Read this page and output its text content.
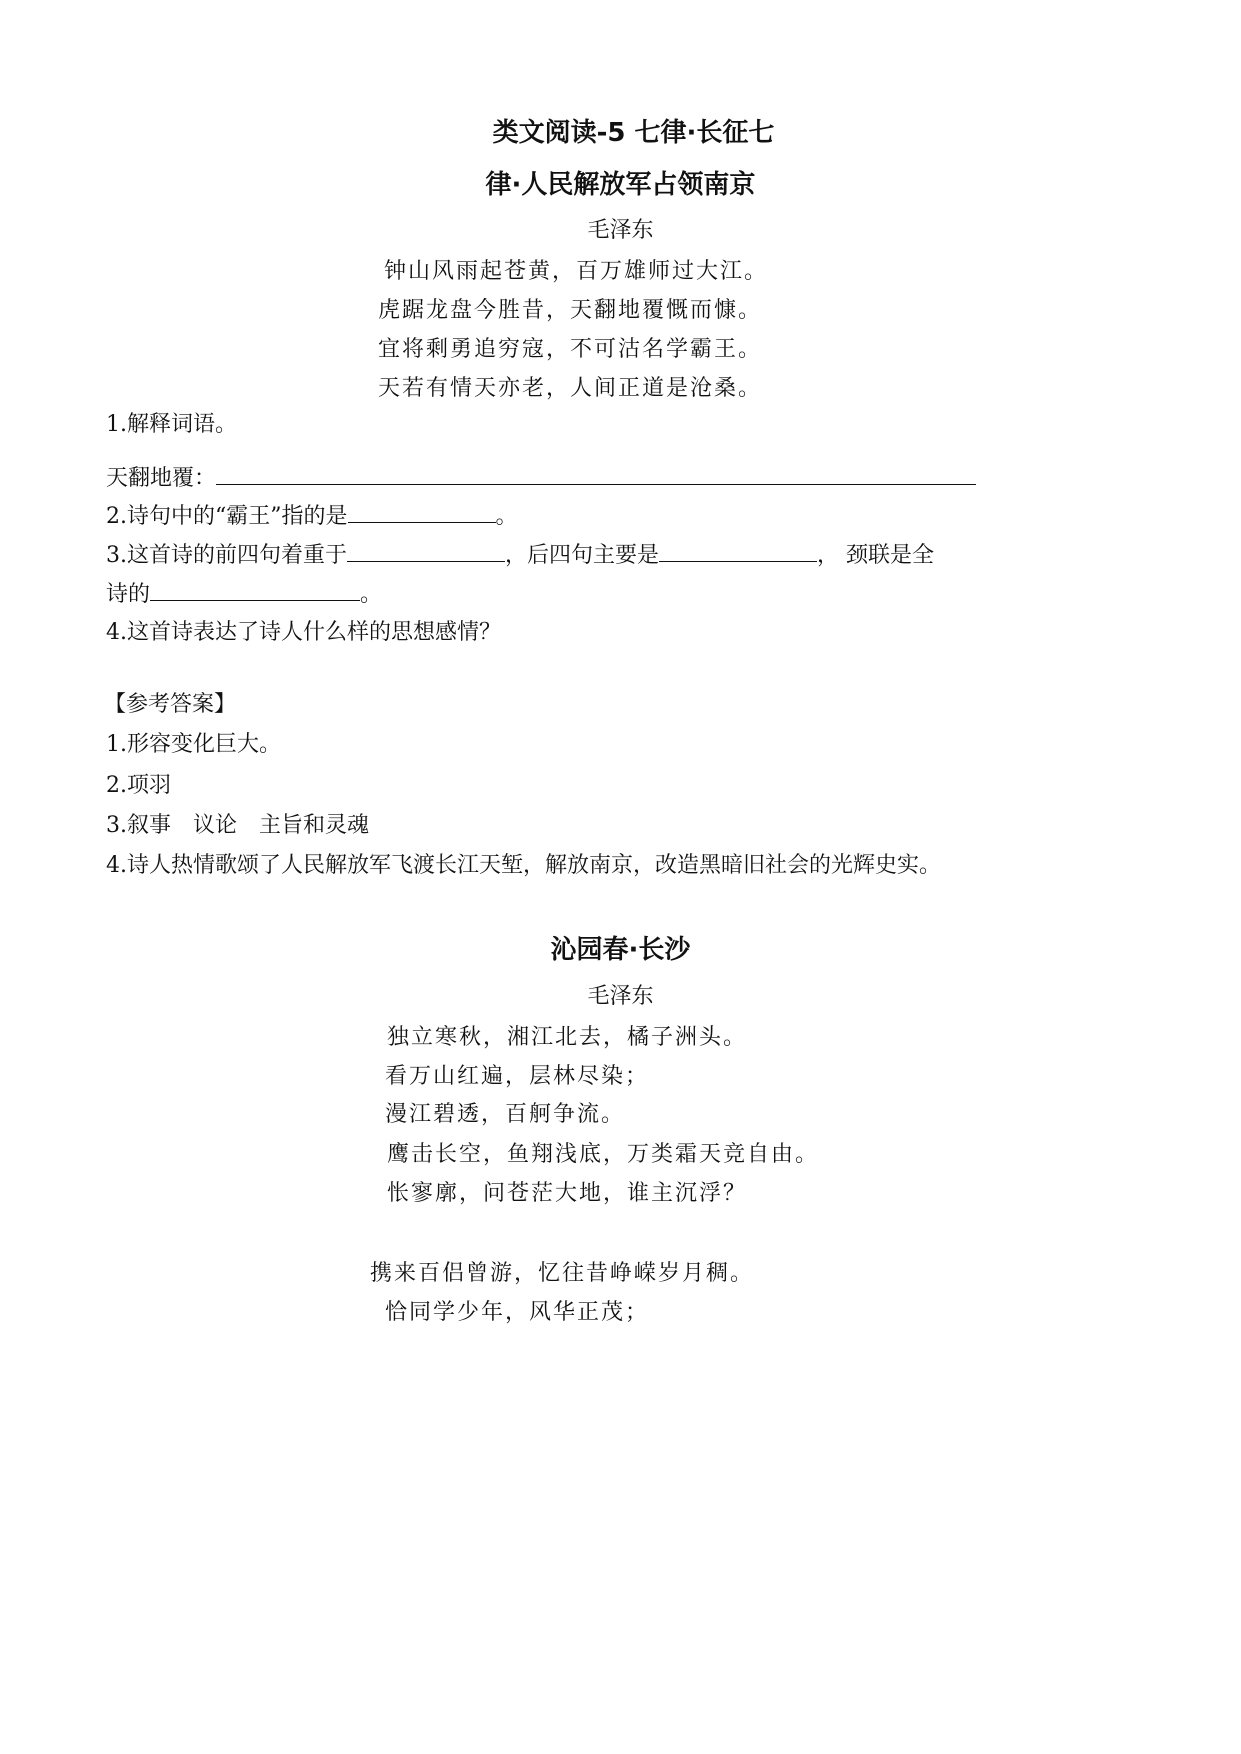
类文阅读-5 七律·长征七
律·人民解放军占领南京
毛泽东
钟山风雨起苍黄，百万雄师过大江。
虎踞龙盘今胜昔，天翻地覆慨而慷。
宜将剩勇追穷寇，不可沽名学霸王。
天若有情天亦老，人间正道是沧桑。
1.解释词语。
天翻地覆：
2.诗句中的“霸王”指的是	。
3.这首诗的前四句着重于	，后四句主要是	， 颈联是全
诗的	。
4.这首诗表达了诗人什么样的思想感情？
【参考答案】
1.形容变化巨大。
2.项羽
3.叙事　议论　主旨和灵魂
4.诗人热情歌颂了人民解放军飞渡长江天堑，解放南京，改造黑暗旧社会的光辉史实。
沁园春·长沙
毛泽东
独立寒秋，湘江北去，橘子洲头。
看万山红遍，层林尽染；
漫江碧透，百舸争流。
鹰击长空，鱼翔浅底，万类霜天竞自由。
怅寥廓，问苍茫大地，谁主沉浮？
携来百侣曾游，忆往昔峥嵘岁月稠。
恰同学少年，风华正茂；
